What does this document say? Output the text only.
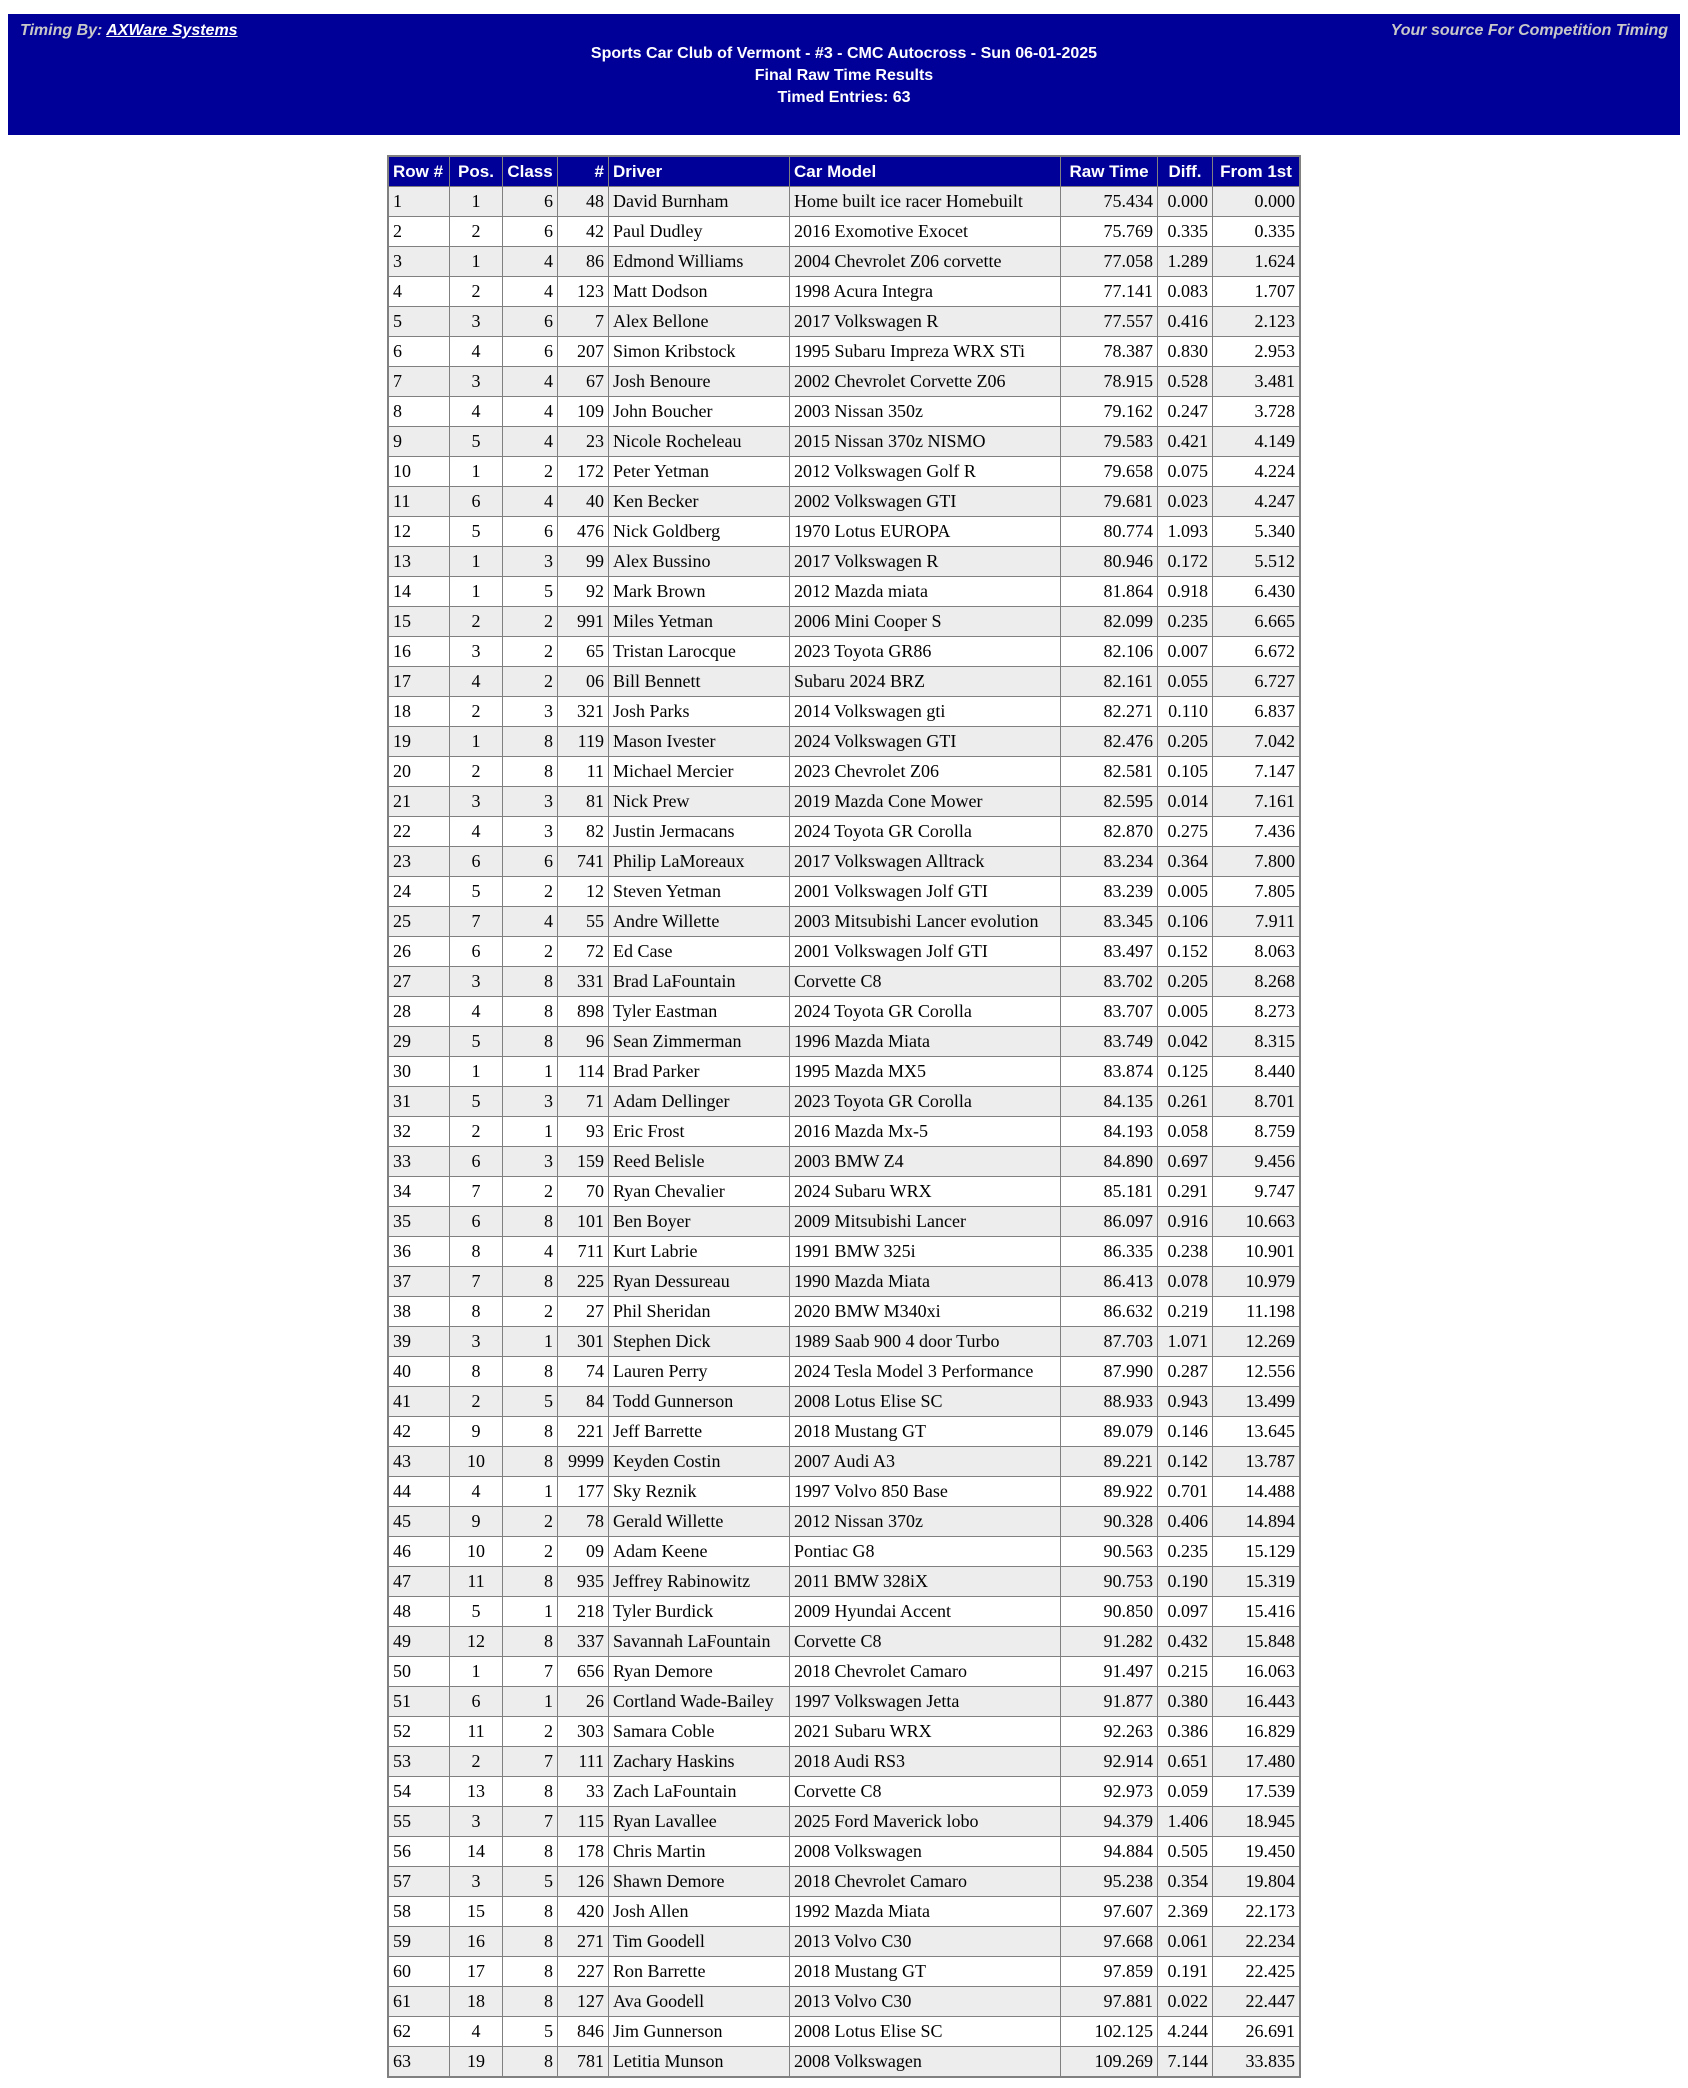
Timing By: AXWare Systems	Your source For Competition Timing
Sports Car Club of Vermont - #3 - CMC Autocross - Sun 06-01-2025
Final Raw Time Results
Timed Entries: 63
Row #	Pos.	Class	#	Driver	Car Model	Raw Time	Diff.	From 1st
1	1	6	48	David Burnham	Home built ice racer Homebuilt	75.434	0.000	0.000
2	2	6	42	Paul Dudley	2016 Exomotive Exocet	75.769	0.335	0.335
3	1	4	86	Edmond Williams	2004 Chevrolet Z06 corvette	77.058	1.289	1.624
4	2	4	123	Matt Dodson	1998 Acura Integra	77.141	0.083	1.707
5	3	6	7	Alex Bellone	2017 Volkswagen R	77.557	0.416	2.123
6	4	6	207	Simon Kribstock	1995 Subaru Impreza WRX STi	78.387	0.830	2.953
7	3	4	67	Josh Benoure	2002 Chevrolet Corvette Z06	78.915	0.528	3.481
8	4	4	109	John Boucher	2003 Nissan 350z	79.162	0.247	3.728
9	5	4	23	Nicole Rocheleau	2015 Nissan 370z NISMO	79.583	0.421	4.149
10	1	2	172	Peter Yetman	2012 Volkswagen Golf R	79.658	0.075	4.224
11	6	4	40	Ken Becker	2002 Volkswagen GTI	79.681	0.023	4.247
12	5	6	476	Nick Goldberg	1970 Lotus EUROPA	80.774	1.093	5.340
13	1	3	99	Alex Bussino	2017 Volkswagen R	80.946	0.172	5.512
14	1	5	92	Mark Brown	2012 Mazda miata	81.864	0.918	6.430
15	2	2	991	Miles Yetman	2006 Mini Cooper S	82.099	0.235	6.665
16	3	2	65	Tristan Larocque	2023 Toyota GR86	82.106	0.007	6.672
17	4	2	06	Bill Bennett	Subaru 2024 BRZ	82.161	0.055	6.727
18	2	3	321	Josh Parks	2014 Volkswagen gti	82.271	0.110	6.837
19	1	8	119	Mason Ivester	2024 Volkswagen GTI	82.476	0.205	7.042
20	2	8	11	Michael Mercier	2023 Chevrolet Z06	82.581	0.105	7.147
21	3	3	81	Nick Prew	2019 Mazda Cone Mower	82.595	0.014	7.161
22	4	3	82	Justin Jermacans	2024 Toyota GR Corolla	82.870	0.275	7.436
23	6	6	741	Philip LaMoreaux	2017 Volkswagen Alltrack	83.234	0.364	7.800
24	5	2	12	Steven Yetman	2001 Volkswagen Jolf GTI	83.239	0.005	7.805
25	7	4	55	Andre Willette	2003 Mitsubishi Lancer evolution	83.345	0.106	7.911
26	6	2	72	Ed Case	2001 Volkswagen Jolf GTI	83.497	0.152	8.063
27	3	8	331	Brad LaFountain	Corvette C8	83.702	0.205	8.268
28	4	8	898	Tyler Eastman	2024 Toyota GR Corolla	83.707	0.005	8.273
29	5	8	96	Sean Zimmerman	1996 Mazda Miata	83.749	0.042	8.315
30	1	1	114	Brad Parker	1995 Mazda MX5	83.874	0.125	8.440
31	5	3	71	Adam Dellinger	2023 Toyota GR Corolla	84.135	0.261	8.701
32	2	1	93	Eric Frost	2016 Mazda Mx-5	84.193	0.058	8.759
33	6	3	159	Reed Belisle	2003 BMW Z4	84.890	0.697	9.456
34	7	2	70	Ryan Chevalier	2024 Subaru WRX	85.181	0.291	9.747
35	6	8	101	Ben Boyer	2009 Mitsubishi Lancer	86.097	0.916	10.663
36	8	4	711	Kurt Labrie	1991 BMW 325i	86.335	0.238	10.901
37	7	8	225	Ryan Dessureau	1990 Mazda Miata	86.413	0.078	10.979
38	8	2	27	Phil Sheridan	2020 BMW M340xi	86.632	0.219	11.198
39	3	1	301	Stephen Dick	1989 Saab 900 4 door Turbo	87.703	1.071	12.269
40	8	8	74	Lauren Perry	2024 Tesla Model 3 Performance	87.990	0.287	12.556
41	2	5	84	Todd Gunnerson	2008 Lotus Elise SC	88.933	0.943	13.499
42	9	8	221	Jeff Barrette	2018 Mustang GT	89.079	0.146	13.645
43	10	8	9999	Keyden Costin	2007 Audi A3	89.221	0.142	13.787
44	4	1	177	Sky Reznik	1997 Volvo 850 Base	89.922	0.701	14.488
45	9	2	78	Gerald Willette	2012 Nissan 370z	90.328	0.406	14.894
46	10	2	09	Adam Keene	Pontiac G8	90.563	0.235	15.129
47	11	8	935	Jeffrey Rabinowitz	2011 BMW 328iX	90.753	0.190	15.319
48	5	1	218	Tyler Burdick	2009 Hyundai Accent	90.850	0.097	15.416
49	12	8	337	Savannah LaFountain	Corvette C8	91.282	0.432	15.848
50	1	7	656	Ryan Demore	2018 Chevrolet Camaro	91.497	0.215	16.063
51	6	1	26	Cortland Wade-Bailey	1997 Volkswagen Jetta	91.877	0.380	16.443
52	11	2	303	Samara Coble	2021 Subaru WRX	92.263	0.386	16.829
53	2	7	111	Zachary Haskins	2018 Audi RS3	92.914	0.651	17.480
54	13	8	33	Zach LaFountain	Corvette C8	92.973	0.059	17.539
55	3	7	115	Ryan Lavallee	2025 Ford Maverick lobo	94.379	1.406	18.945
56	14	8	178	Chris Martin	2008 Volkswagen	94.884	0.505	19.450
57	3	5	126	Shawn Demore	2018 Chevrolet Camaro	95.238	0.354	19.804
58	15	8	420	Josh Allen	1992 Mazda Miata	97.607	2.369	22.173
59	16	8	271	Tim Goodell	2013 Volvo C30	97.668	0.061	22.234
60	17	8	227	Ron Barrette	2018 Mustang GT	97.859	0.191	22.425
61	18	8	127	Ava Goodell	2013 Volvo C30	97.881	0.022	22.447
62	4	5	846	Jim Gunnerson	2008 Lotus Elise SC	102.125	4.244	26.691
63	19	8	781	Letitia Munson	2008 Volkswagen	109.269	7.144	33.835
